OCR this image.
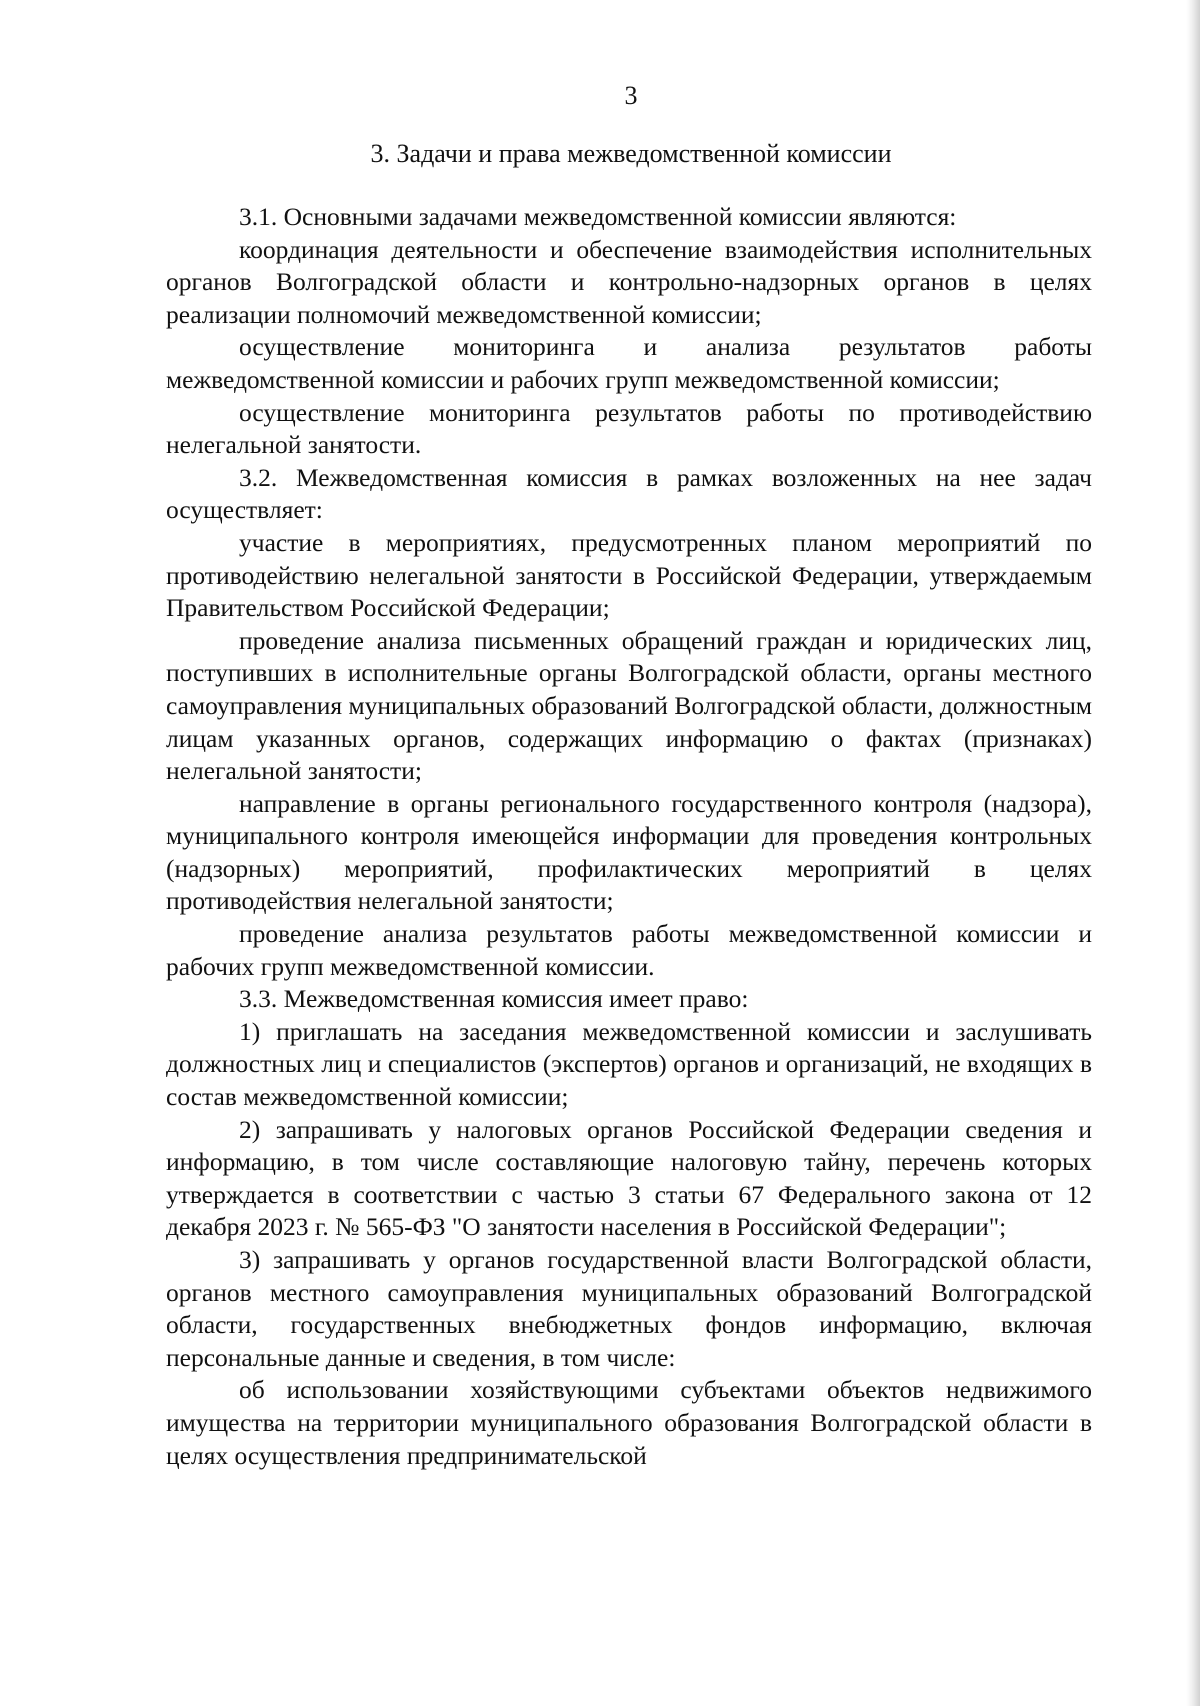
3
3. Задачи и права межведомственной комиссии

3.1. Основными задачами межведомственной комиссии являются:

координация деятельности и обеспечение взаимодействия исполнительных органов Волгоградской области и контрольно-надзорных органов в целях реализации полномочий межведомственной комиссии;

осуществление мониторинга и анализа результатов работы межведомственной комиссии и рабочих групп межведомственной комиссии;

осуществление мониторинга результатов работы по противодействию нелегальной занятости.

3.2. Межведомственная комиссия в рамках возложенных на нее задач осуществляет:

участие в мероприятиях, предусмотренных планом мероприятий по противодействию нелегальной занятости в Российской Федерации, утверждаемым Правительством Российской Федерации;

проведение анализа письменных обращений граждан и юридических лиц, поступивших в исполнительные органы Волгоградской области, органы местного самоуправления муниципальных образований Волгоградской области, должностным лицам указанных органов, содержащих информацию о фактах (признаках) нелегальной занятости;

направление в органы регионального государственного контроля (надзора), муниципального контроля имеющейся информации для проведения контрольных (надзорных) мероприятий, профилактических мероприятий в целях противодействия нелегальной занятости;

проведение анализа результатов работы межведомственной комиссии и рабочих групп межведомственной комиссии.

3.3. Межведомственная комиссия имеет право:

1) приглашать на заседания межведомственной комиссии и заслушивать должностных лиц и специалистов (экспертов) органов и организаций, не входящих в состав межведомственной комиссии;

2) запрашивать у налоговых органов Российской Федерации сведения и информацию, в том числе составляющие налоговую тайну, перечень которых утверждается в соответствии с частью 3 статьи 67 Федерального закона от 12 декабря 2023 г. № 565-ФЗ "О занятости населения в Российской Федерации";

3) запрашивать у органов государственной власти Волгоградской области, органов местного самоуправления муниципальных образований Волгоградской области, государственных внебюджетных фондов информацию, включая персональные данные и сведения, в том числе:

об использовании хозяйствующими субъектами объектов недвижимого имущества на территории муниципального образования Волгоградской области в целях осуществления предпринимательской
